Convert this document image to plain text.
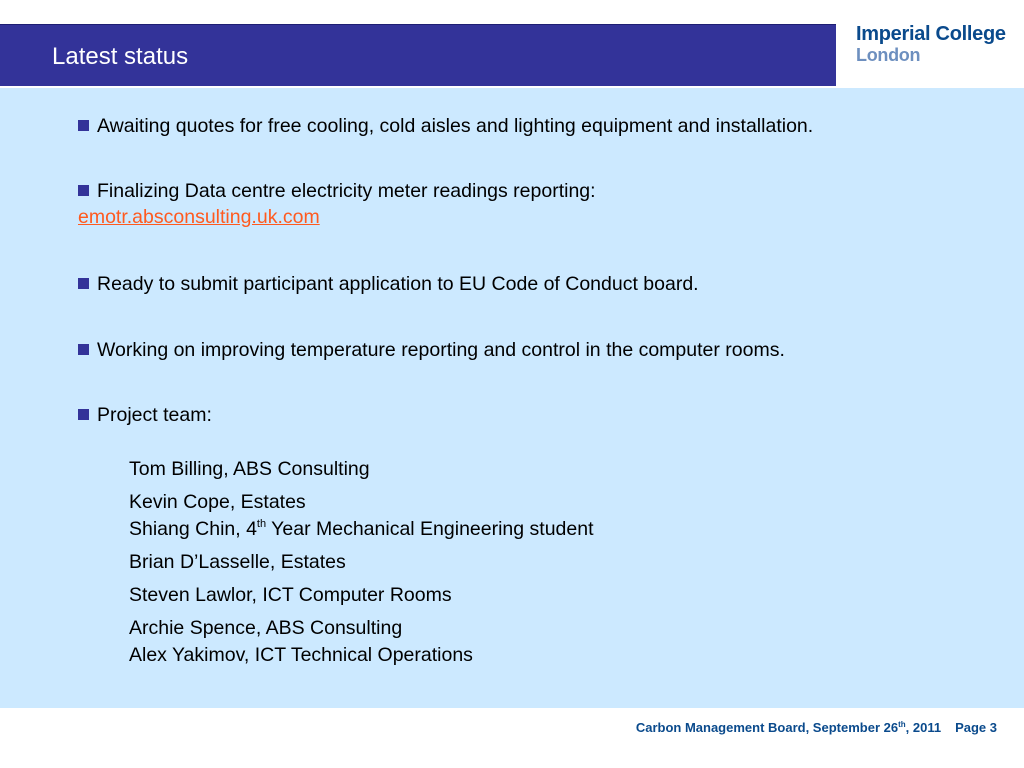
Latest status
Imperial College
London

Awaiting quotes for free cooling, cold aisles and lighting equipment and installation.

Finalizing Data centre electricity meter readings reporting:
emotr.absconsulting.uk.com

Ready to submit participant application to EU Code of Conduct board.

Working on improving temperature reporting and control in the computer rooms.

Project team:

Tom Billing, ABS Consulting

Kevin Cope, Estates

Shiang Chin, 4th Year Mechanical Engineering student

Brian D’Lasselle, Estates

Steven Lawlor, ICT Computer Rooms

Archie Spence, ABS Consulting

Alex Yakimov, ICT Technical Operations

Carbon Management Board, September 26th, 2011 Page 3
